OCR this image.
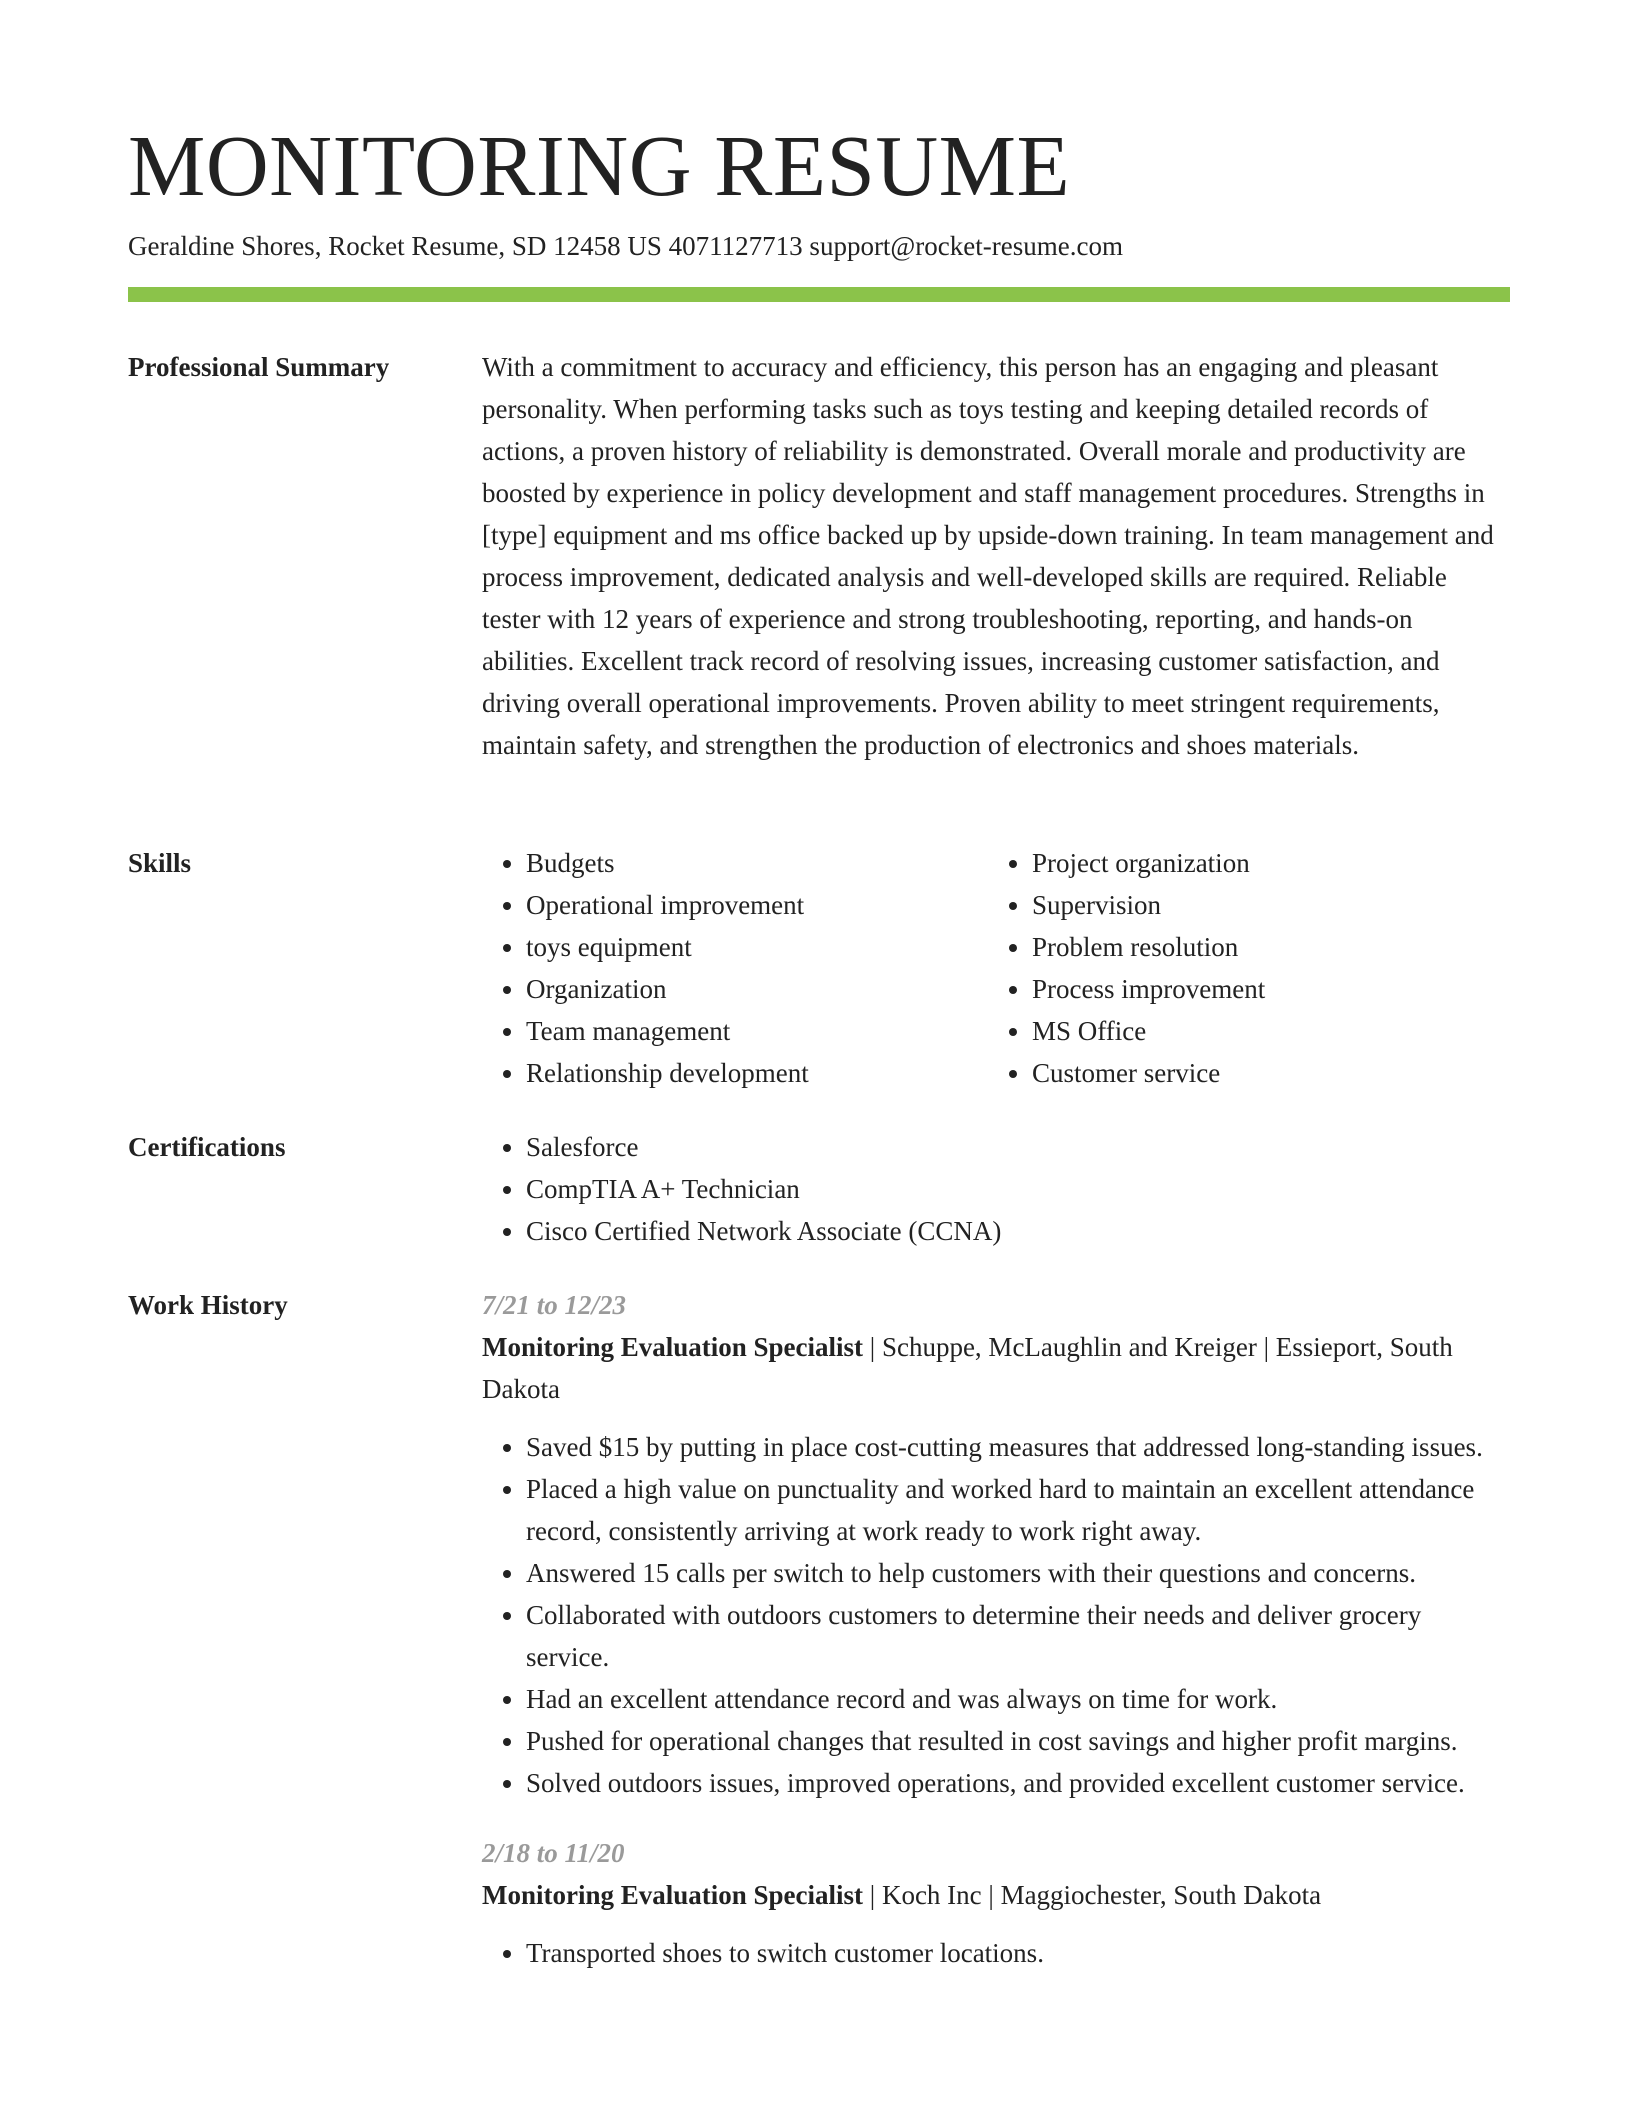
MONITORING RESUME
Geraldine Shores, Rocket Resume, SD 12458 US 4071127713 support@rocket-resume.com
Professional Summary	With a commitment to accuracy and efficiency, this person has an engaging and pleasant personality. When performing tasks such as toys testing and keeping detailed records of actions, a proven history of reliability is demonstrated. Overall morale and productivity are boosted by experience in policy development and staff management procedures. Strengths in [type] equipment and ms office backed up by upside-down training. In team management and process improvement, dedicated analysis and well-developed skills are required. Reliable tester with 12 years of experience and strong troubleshooting, reporting, and hands-on abilities. Excellent track record of resolving issues, increasing customer satisfaction, and driving overall operational improvements. Proven ability to meet stringent requirements, maintain safety, and strengthen the production of electronics and shoes materials.

Skills	• Budgets
• Operational improvement
• toys equipment
• Organization
• Team management
• Relationship development
• Project organization
• Supervision
• Problem resolution
• Process improvement
• MS Office
• Customer service
Certifications	• Salesforce
• CompTIA A+ Technician
• Cisco Certified Network Associate (CCNA)
Work History	7/21 to 12/23
Monitoring Evaluation Specialist | Schuppe, McLaughlin and Kreiger | Essieport, South Dakota
• Saved $15 by putting in place cost-cutting measures that addressed long-standing issues.
• Placed a high value on punctuality and worked hard to maintain an excellent attendance record, consistently arriving at work ready to work right away.
• Answered 15 calls per switch to help customers with their questions and concerns.
• Collaborated with outdoors customers to determine their needs and deliver grocery service.
• Had an excellent attendance record and was always on time for work.
• Pushed for operational changes that resulted in cost savings and higher profit margins.
• Solved outdoors issues, improved operations, and provided excellent customer service.
2/18 to 11/20
Monitoring Evaluation Specialist | Koch Inc | Maggiochester, South Dakota
• Transported shoes to switch customer locations.
